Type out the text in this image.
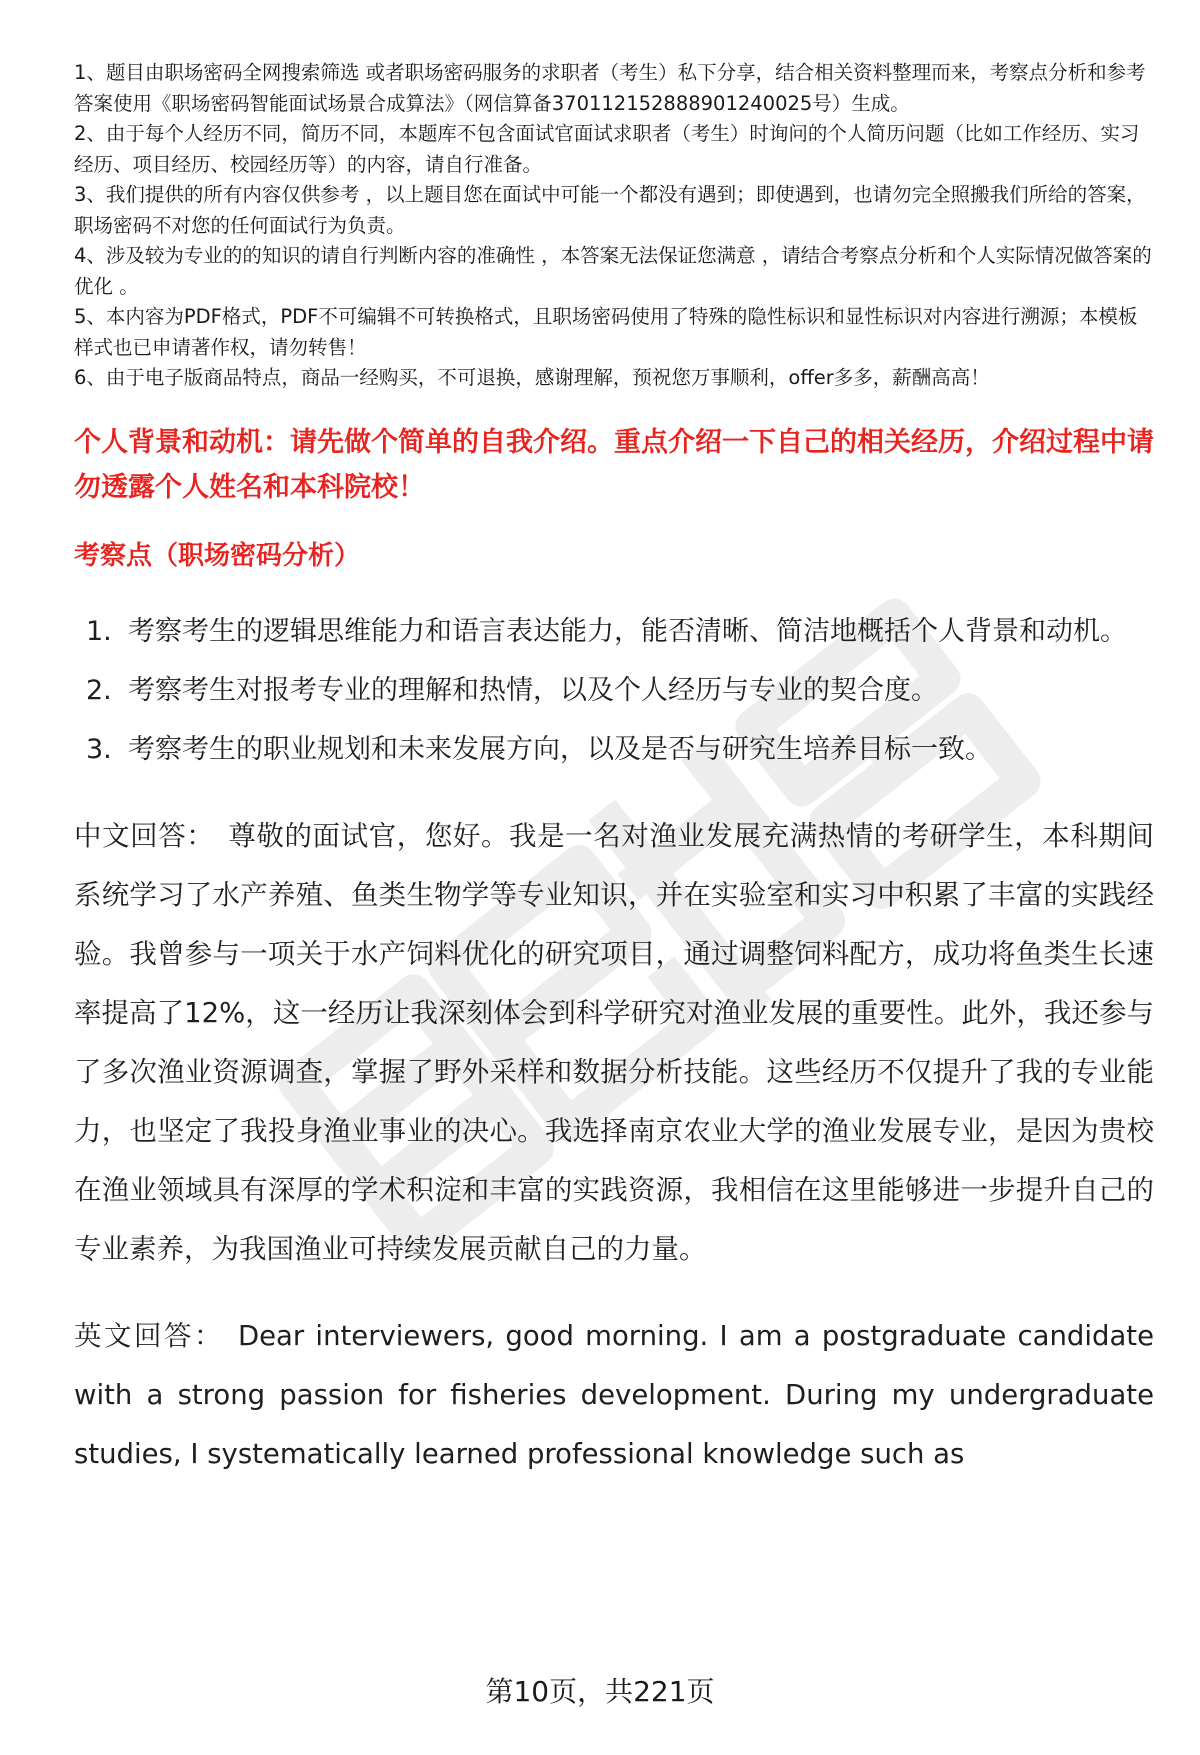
1、题目由职场密码全网搜索筛选 或者职场密码服务的求职者（考生）私下分享，结合相关资料整理而来，考察点分析和参考答案使用《职场密码智能面试场景合成算法》（网信算备370112152888901240025号）生成。
2、由于每个人经历不同，简历不同，本题库不包含面试官面试求职者（考生）时询问的个人简历问题（比如工作经历、实习经历、项目经历、校园经历等）的内容，请自行准备。
3、我们提供的所有内容仅供参考 ，以上题目您在面试中可能一个都没有遇到；即使遇到，也请勿完全照搬我们所给的答案，职场密码不对您的任何面试行为负责。
4、涉及较为专业的的知识的请自行判断内容的准确性 ，本答案无法保证您满意 ，请结合考察点分析和个人实际情况做答案的优化 。
5、本内容为PDF格式，PDF不可编辑不可转换格式，且职场密码使用了特殊的隐性标识和显性标识对内容进行溯源；本模板样式也已申请著作权，请勿转售！
6、由于电子版商品特点，商品一经购买，不可退换，感谢理解，预祝您万事顺利，offer多多，薪酬高高！
个人背景和动机：请先做个简单的自我介绍。重点介绍一下自己的相关经历，介绍过程中请勿透露个人姓名和本科院校！
考察点（职场密码分析）
1. 考察考生的逻辑思维能力和语言表达能力，能否清晰、简洁地概括个人背景和动机。
2. 考察考生对报考专业的理解和热情，以及个人经历与专业的契合度。
3. 考察考生的职业规划和未来发展方向，以及是否与研究生培养目标一致。
中文回答： 尊敬的面试官，您好。我是一名对渔业发展充满热情的考研学生，本科期间系统学习了水产养殖、鱼类生物学等专业知识，并在实验室和实习中积累了丰富的实践经验。我曾参与一项关于水产饲料优化的研究项目，通过调整饲料配方，成功将鱼类生长速率提高了12%，这一经历让我深刻体会到科学研究对渔业发展的重要性。此外，我还参与了多次渔业资源调查，掌握了野外采样和数据分析技能。这些经历不仅提升了我的专业能力，也坚定了我投身渔业事业的决心。我选择南京农业大学的渔业发展专业，是因为贵校在渔业领域具有深厚的学术积淀和丰富的实践资源，我相信在这里能够进一步提升自己的专业素养，为我国渔业可持续发展贡献自己的力量。
英文回答： Dear interviewers, good morning. I am a postgraduate candidate with a strong passion for fisheries development. During my undergraduate studies, I systematically learned professional knowledge such as
第10页，共221页
